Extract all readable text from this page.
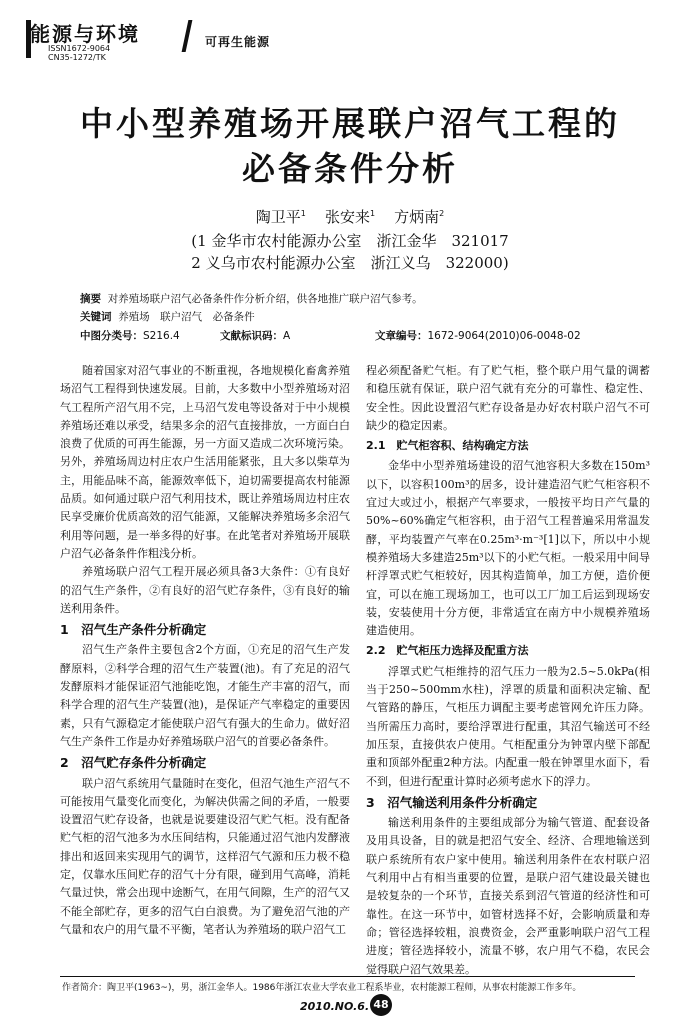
能源与环境
ISSN1672-9064
CN35-1272/TK
可再生能源
中小型养殖场开展联户沼气工程的
必备条件分析
陶卫平$^1$ 张安来$^1$ 方炳南$^2$
(1 金华市农村能源办公室　浙江金华　321017
2 义乌市农村能源办公室　浙江义乌　322000)
摘要 对养殖场联户沼气必备条件作分析介绍，供各地推广联户沼气参考。
关键词 养殖场　联户沼气　必备条件
中图分类号：S216.4	文献标识码：A	文章编号：1672-9064(2010)06-0048-02

随着国家对沼气事业的不断重视，各地规模化畜禽养殖场沼气工程得到快速发展。目前，大多数中小型养殖场对沼气工程所产沼气用不完，上马沼气发电等设备对于中小规模养殖场还难以承受，结果多余的沼气直接排放，一方面白白浪费了优质的可再生能源，另一方面又造成二次环境污染。另外，养殖场周边村庄农户生活用能紧张，且大多以柴草为主，用能品味不高，能源效率低下，迫切需要提高农村能源品质。如何通过联户沼气利用技术，既让养殖场周边村庄农民享受廉价优质高效的沼气能源，又能解决养殖场多余沼气利用等问题，是一举多得的好事。在此笔者对养殖场开展联户沼气必备条件作粗浅分析。

养殖场联户沼气工程开展必须具备3大条件：①有良好的沼气生产条件，②有良好的沼气贮存条件，③有良好的输送利用条件。

1　沼气生产条件分析确定

沼气生产条件主要包含2个方面，①充足的沼气生产发酵原料，②科学合理的沼气生产装置(池)。有了充足的沼气发酵原料才能保证沼气池能吃饱，才能生产丰富的沼气，而科学合理的沼气生产装置(池)，是保证产气率稳定的重要因素，只有气源稳定才能使联户沼气有强大的生命力。做好沼气生产条件工作是办好养殖场联户沼气的首要必备条件。

2　沼气贮存条件分析确定

联户沼气系统用气量随时在变化，但沼气池生产沼气不可能按用气量变化而变化，为解决供需之间的矛盾，一般要设置沼气贮存设备，也就是说要建设沼气贮气柜。没有配备贮气柜的沼气池多为水压间结构，只能通过沼气池内发酵液排出和返回来实现用气的调节，这样沼气气源和压力极不稳定，仅靠水压间贮存的沼气十分有限，碰到用气高峰，消耗气量过快，常会出现中途断气，在用气间隙，生产的沼气又不能全部贮存，更多的沼气白白浪费。为了避免沼气池的产气量和农户的用气量不平衡，笔者认为养殖场的联户沼气工

程必须配备贮气柜。有了贮气柜，整个联户用气量的调蓄和稳压就有保证，联户沼气就有充分的可靠性、稳定性、安全性。因此设置沼气贮存设备是办好农村联户沼气不可缺少的稳定因素。

2.1　贮气柜容积、结构确定方法

金华中小型养殖场建设的沼气池容积大多数在150m³以下，以容积100m³的居多，设计建造沼气贮气柜容积不宜过大或过小，根据产气率要求，一般按平均日产气量的50%~60%确定气柜容积，由于沼气工程普遍采用常温发酵，平均装置产气率在0.25m³·m⁻³[1]以下，所以中小规模养殖场大多建造25m³以下的小贮气柜。一般采用中间导杆浮罩式贮气柜较好，因其构造简单，加工方便，造价便宜，可以在施工现场加工，也可以工厂加工后运到现场安装，安装使用十分方便，非常适宜在南方中小规模养殖场建造使用。

2.2　贮气柜压力选择及配重方法

浮罩式贮气柜维持的沼气压力一般为2.5~5.0kPa(相当于250~500mm水柱)，浮罩的质量和面积决定输、配气管路的静压，气柜压力调配主要考虑管网允许压力降。当所需压力高时，要给浮罩进行配重，其沼气输送可不经加压泵，直接供农户使用。气柜配重分为钟罩内壁下部配重和顶部外配重2种方法。内配重一般在钟罩里水面下，看不到，但进行配重计算时必须考虑水下的浮力。

3　沼气输送利用条件分析确定

输送利用条件的主要组成部分为输气管道、配套设备及用具设备，目的就是把沼气安全、经济、合理地输送到联户系统所有农户家中使用。输送利用条件在农村联户沼气利用中占有相当重要的位置，是联户沼气建设最关键也是较复杂的一个环节，直接关系到沼气管道的经济性和可靠性。在这一环节中，如管材选择不好，会影响质量和寿命；管径选择较粗，浪费资金，会严重影响联户沼气工程进度；管径选择较小，流量不够，农户用气不稳，农民会觉得联户沼气效果差。

作者简介：陶卫平(1963~)，男，浙江金华人。1986年浙江农业大学农业工程系毕业，农村能源工程师，从事农村能源工作多年。
2010.NO.6. 48
